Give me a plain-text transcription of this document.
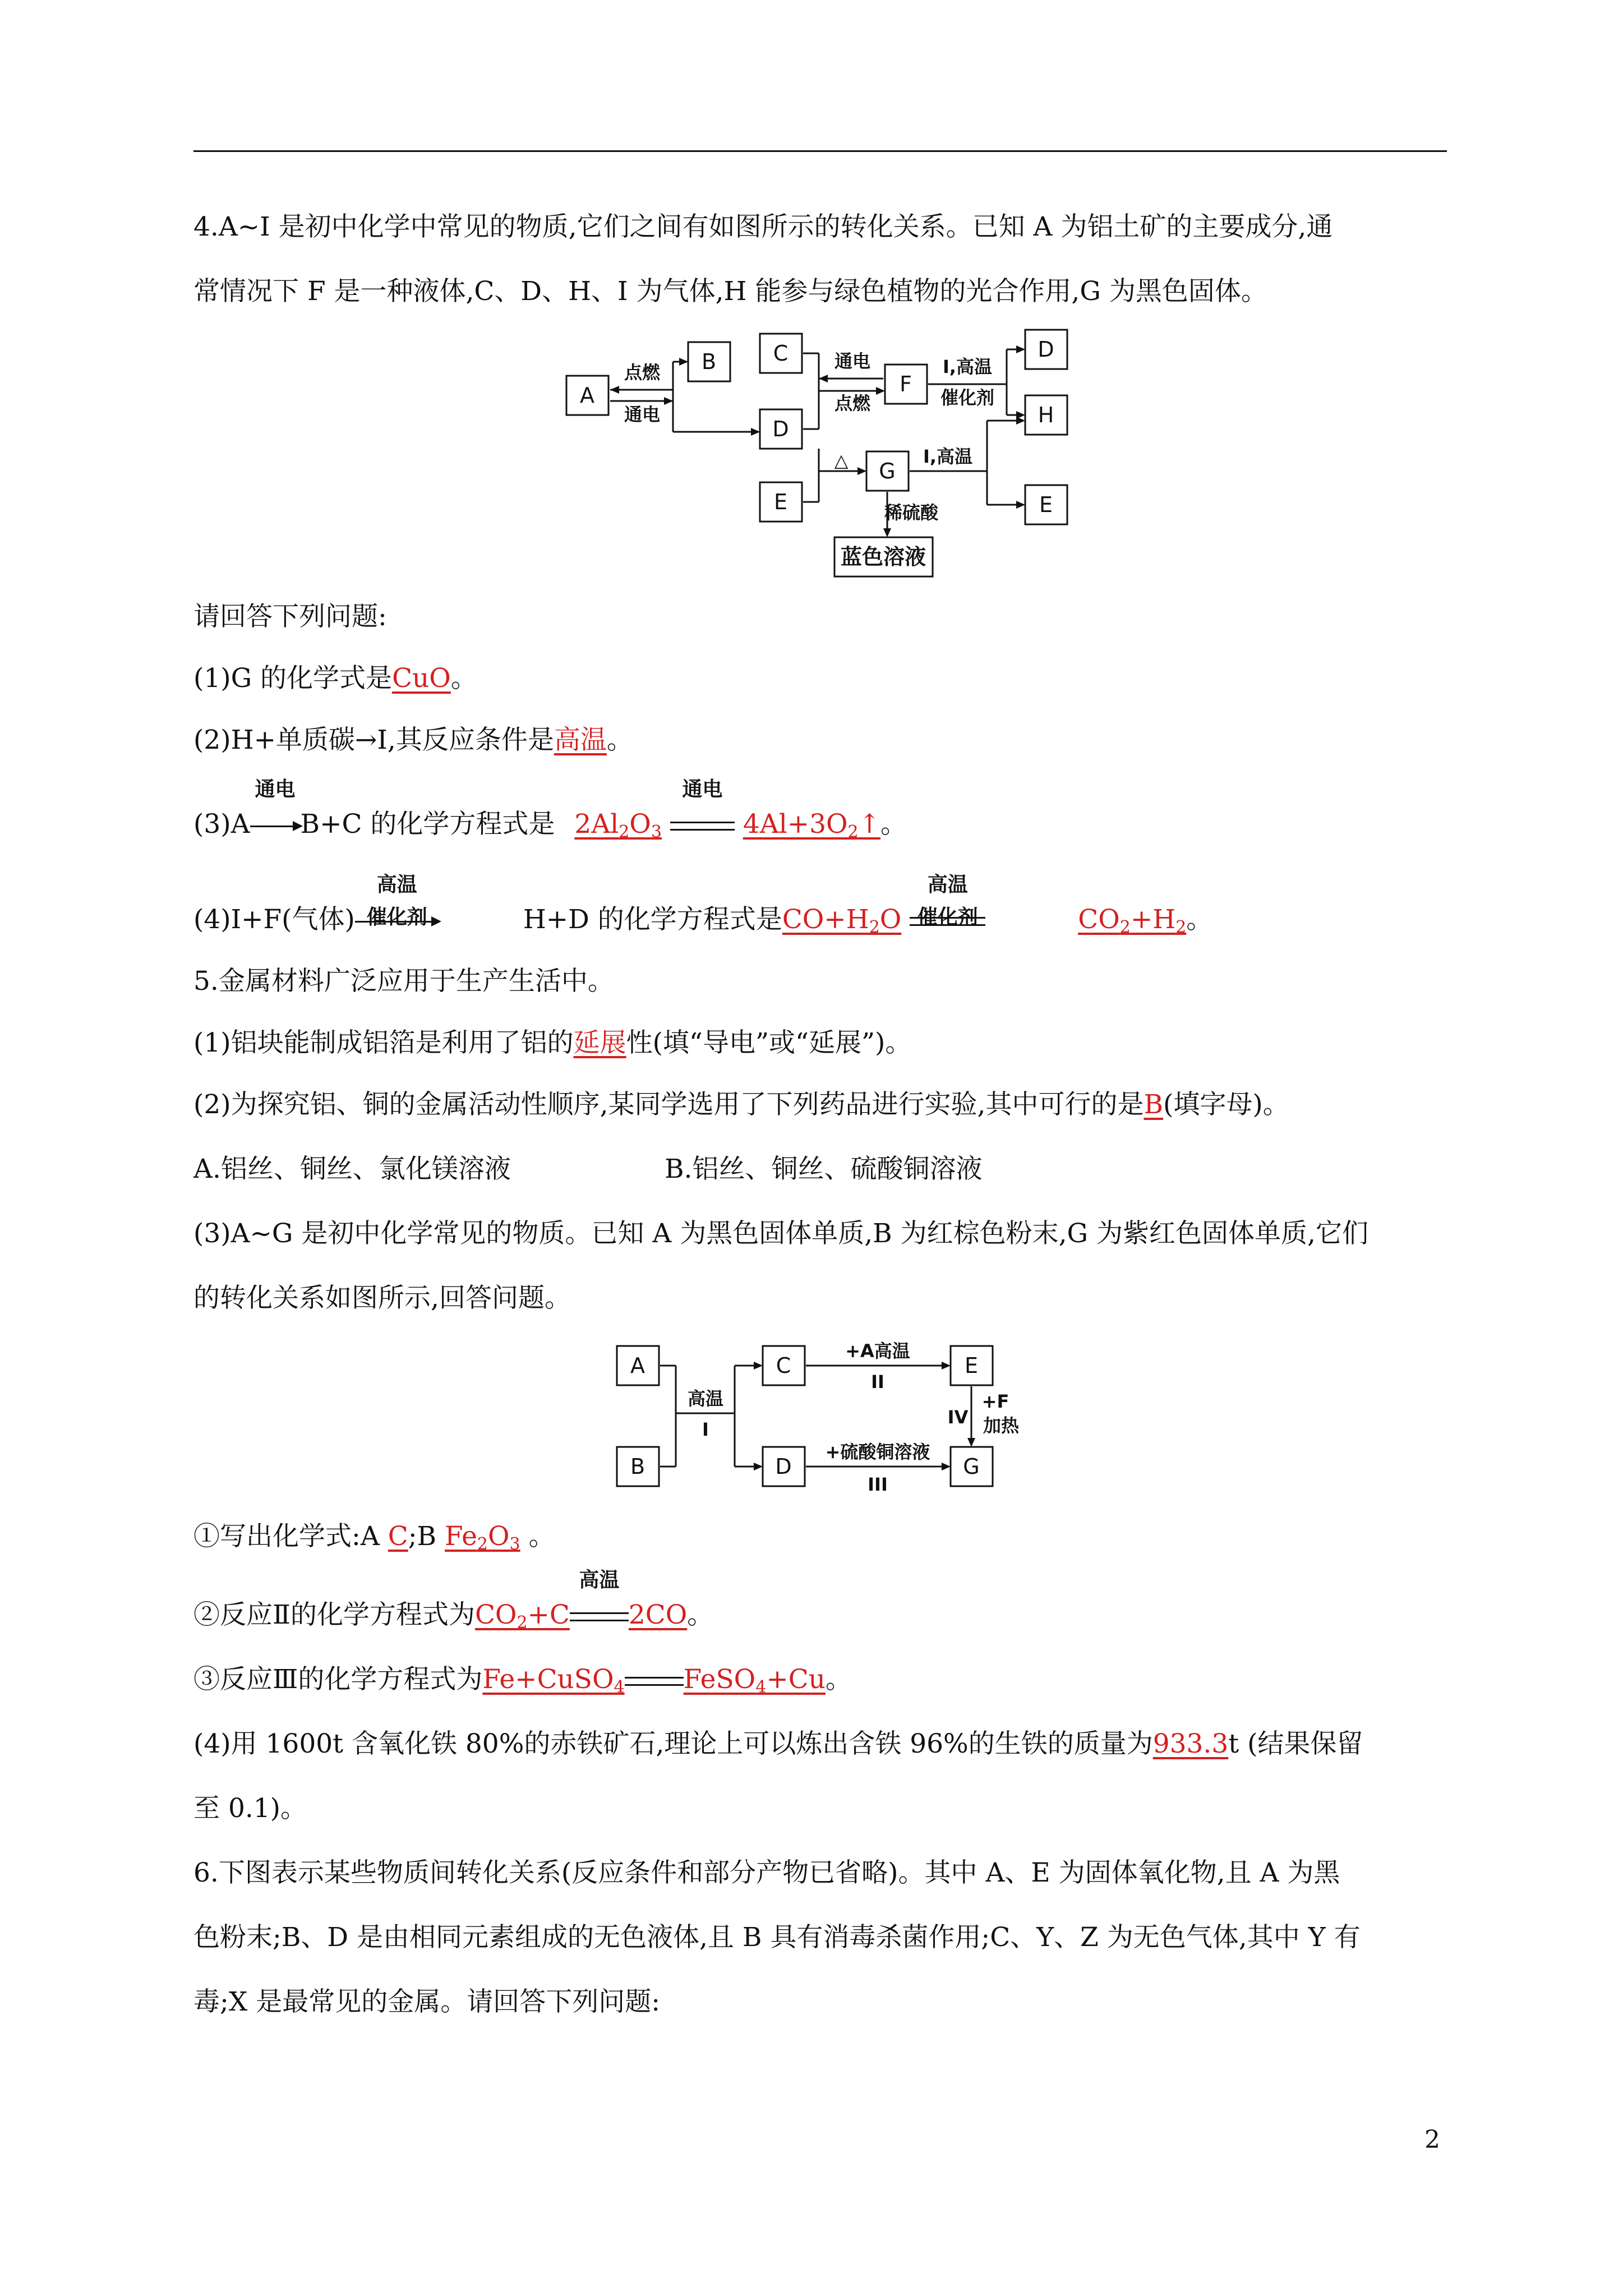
4.A~I 是初中化学中常见的物质,它们之间有如图所示的转化关系。已知 A 为铝土矿的主要成分,通
常情况下 F 是一种液体,C、D、H、I 为气体,H 能参与绿色植物的光合作用,G 为黑色固体。
A
B	C
D
E
F
G
D
H
E
蓝色溶液
点燃
通电
通电
点燃
I,高温
催化剂
△	I,高温
稀硫酸
请回答下列问题:
(1)G 的化学式是CuO。
(2)H+单质碳→I,其反应条件是高温。
(3)A
通电
B+C 的化学方程式是 $2Al_2O_3$
通电
$4Al+3O_2↑$。
(4)I+F(气体)
高温
催化剂	H+D 的化学方程式是$CO+H_2O$
高温
催化剂	$CO_2+H_2$。
5.金属材料广泛应用于生产生活中。
(1)铝块能制成铝箔是利用了铝的延展性(填“导电”或“延展”)。
(2)为探究铝、铜的金属活动性顺序,某同学选用了下列药品进行实验,其中可行的是B(填字母)。
A.铝丝、铜丝、氯化镁溶液	B.铝丝、铜丝、硫酸铜溶液
(3)A~G 是初中化学常见的物质。已知 A 为黑色固体单质,B 为红棕色粉末,G 为紫红色固体单质,它们
的转化关系如图所示,回答问题。
A
B
C
D
E
G
高温
I
+A高温
II
+硫酸铜溶液
III
IV
+F
加热
①写出化学式:A C;B $Fe_2O_3$ 。
②反应Ⅱ的化学方程式为$CO_2+C$
高温
2CO。
③反应Ⅲ的化学方程式为Fe+CuSO$_4$ FeSO$_4$+Cu。
(4)用 1600t 含氧化铁 80%的赤铁矿石,理论上可以炼出含铁 96%的生铁的质量为933.3t (结果保留
至 0.1)。
6.下图表示某些物质间转化关系(反应条件和部分产物已省略)。其中 A、E 为固体氧化物,且 A 为黑
色粉末;B、D 是由相同元素组成的无色液体,且 B 具有消毒杀菌作用;C、Y、Z 为无色气体,其中 Y 有
毒;X 是最常见的金属。请回答下列问题:
2
